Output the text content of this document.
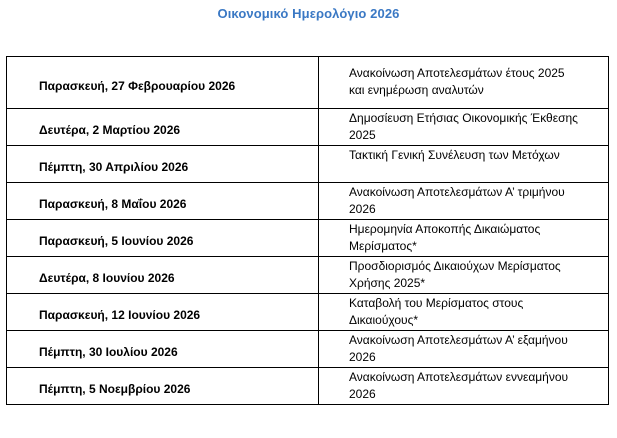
Οικονομικό Ημερολόγιο 2026
Παρασκευή, 27 Φεβρουαρίου 2026	Ανακοίνωση Αποτελεσμάτων έτους 2025 και ενημέρωση αναλυτών
Δευτέρα, 2 Μαρτίου 2026	Δημοσίευση Ετήσιας Οικονομικής Έκθεσης 2025
Πέμπτη, 30 Απριλίου 2026	Τακτική Γενική Συνέλευση των Μετόχων
Παρασκευή, 8 Μαΐου 2026	Ανακοίνωση Αποτελεσμάτων Α’ τριμήνου 2026
Παρασκευή, 5 Ιουνίου 2026	Ημερομηνία Αποκοπής Δικαιώματος Μερίσματος*
Δευτέρα, 8 Ιουνίου 2026	Προσδιορισμός Δικαιούχων Μερίσματος Χρήσης 2025*
Παρασκευή, 12 Ιουνίου 2026	Καταβολή του Μερίσματος στους Δικαιούχους*
Πέμπτη, 30 Ιουλίου 2026	Ανακοίνωση Αποτελεσμάτων Α’ εξαμήνου 2026
Πέμπτη, 5 Νοεμβρίου 2026	Ανακοίνωση Αποτελεσμάτων εννεαμήνου 2026
